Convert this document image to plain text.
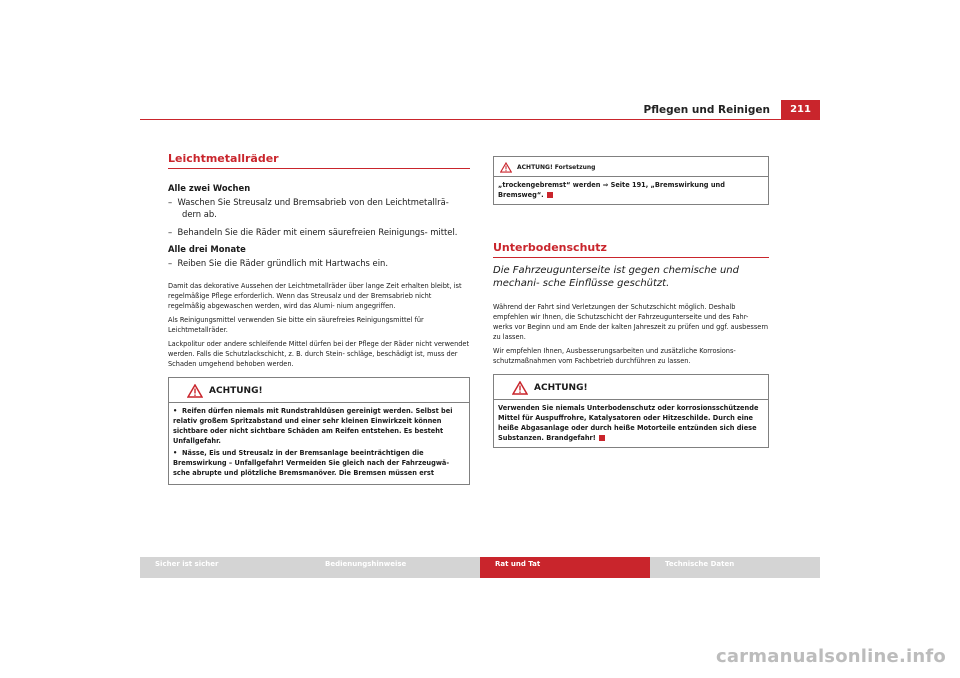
Pflegen und Reinigen	211
Leichtmetallräder
Alle zwei Wochen
–  Waschen Sie Streusalz und Bremsabrieb von den Leichtmetallrä- dern ab.
–  Behandeln Sie die Räder mit einem säurefreien Reinigungs- mittel.
Alle drei Monate
–  Reiben Sie die Räder gründlich mit Hartwachs ein.

Damit das dekorative Aussehen der Leichtmetallräder über lange Zeit erhalten bleibt, ist regelmäßige Pflege erforderlich. Wenn das Streusalz und der Bremsabrieb nicht regelmäßig abgewaschen werden, wird das Alumi- nium angegriffen.

Als Reinigungsmittel verwenden Sie bitte ein säurefreies Reinigungsmittel für Leichtmetallräder.

Lackpolitur oder andere schleifende Mittel dürfen bei der Pflege der Räder nicht verwendet werden. Falls die Schutzlackschicht, z. B. durch Stein- schläge, beschädigt ist, muss der Schaden umgehend behoben werden.

ACHTUNG!

• Reifen dürfen niemals mit Rundstrahldüsen gereinigt werden. Selbst bei relativ großem Spritzabstand und einer sehr kleinen Einwirkzeit können sichtbare oder nicht sichtbare Schäden am Reifen entstehen. Es besteht Unfallgefahr.

• Nässe, Eis und Streusalz in der Bremsanlage beeinträchtigen die Bremswirkung – Unfallgefahr! Vermeiden Sie gleich nach der Fahrzeugwä- sche abrupte und plötzliche Bremsmanöver. Die Bremsen müssen erst

ACHTUNG! Fortsetzung
„trockengebremst“ werden ⇒ Seite 191, „Bremswirkung und Bremsweg“.
Unterbodenschutz

Die Fahrzeugunterseite ist gegen chemische und mechani- sche Einflüsse geschützt.

Während der Fahrt sind Verletzungen der Schutzschicht möglich. Deshalb empfehlen wir Ihnen, die Schutzschicht der Fahrzeugunterseite und des Fahr- werks vor Beginn und am Ende der kalten Jahreszeit zu prüfen und ggf. ausbessern zu lassen.

Wir empfehlen Ihnen, Ausbesserungsarbeiten und zusätzliche Korrosions- schutzmaßnahmen vom Fachbetrieb durchführen zu lassen.

ACHTUNG!
Verwenden Sie niemals Unterbodenschutz oder korrosionsschützende Mittel für Auspuffrohre, Katalysatoren oder Hitzeschilde. Durch eine heiße Abgasanlage oder durch heiße Motorteile entzünden sich diese Substanzen. Brandgefahr!
Sicher ist sicher	Bedienungshinweise	Rat und Tat	Technische Daten
carmanualsonline.info
